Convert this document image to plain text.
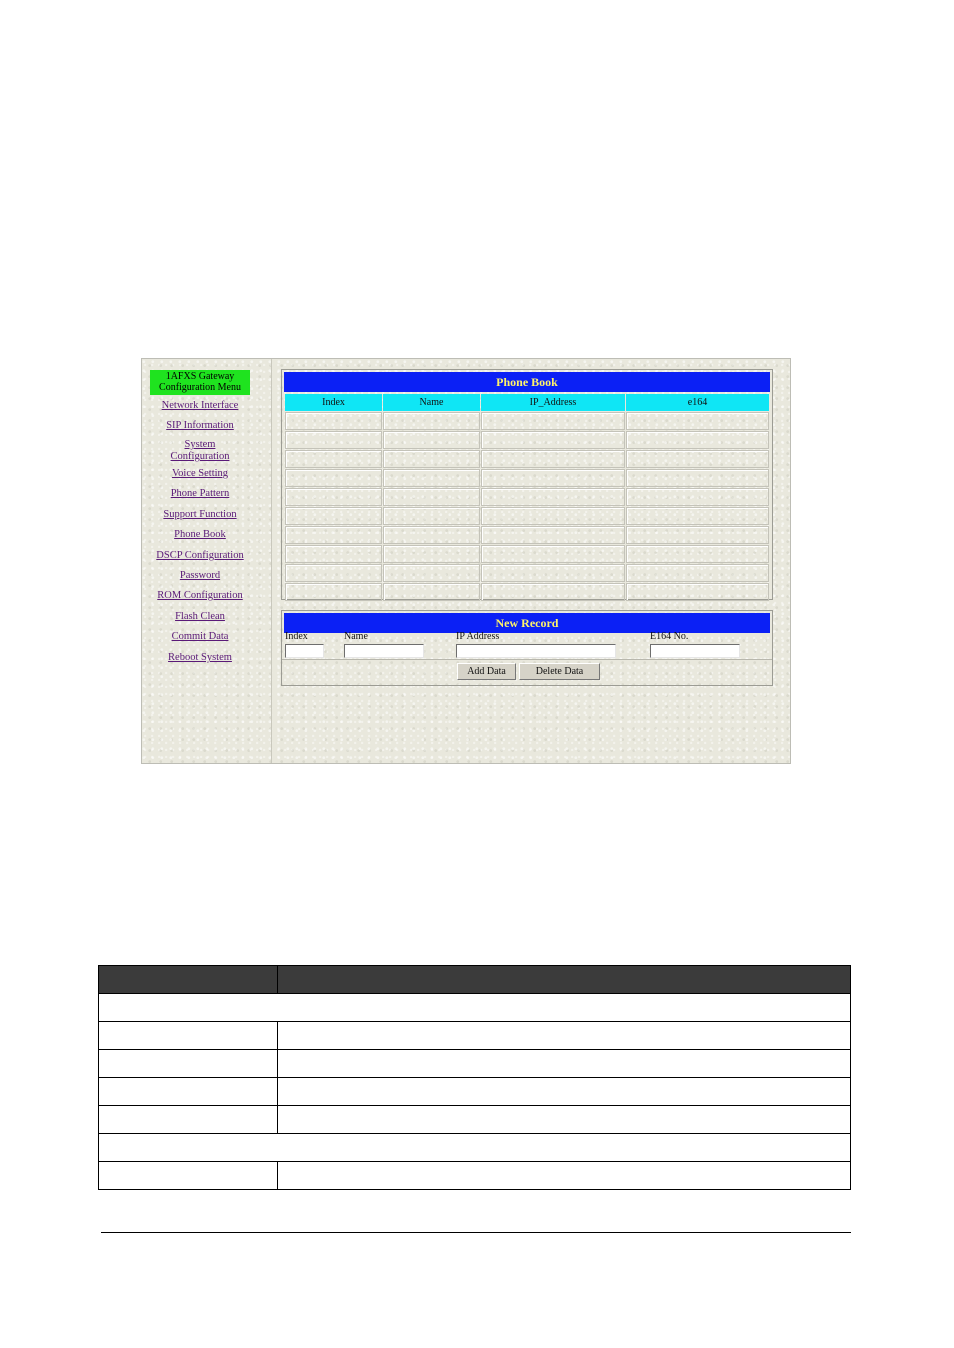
1AFXS Gateway
Configuration Menu
Network Interface
SIP Information
System
Configuration
Voice Setting
Phone Pattern
Support Function
Phone Book
DSCP Configuration
Password
ROM Configuration
Flash Clean
Commit Data
Reboot System
Phone Book
Index	Name	IP_Address	e164

New Record
Index	Name	IP Address	E164 No.
Add Data	Delete Data
